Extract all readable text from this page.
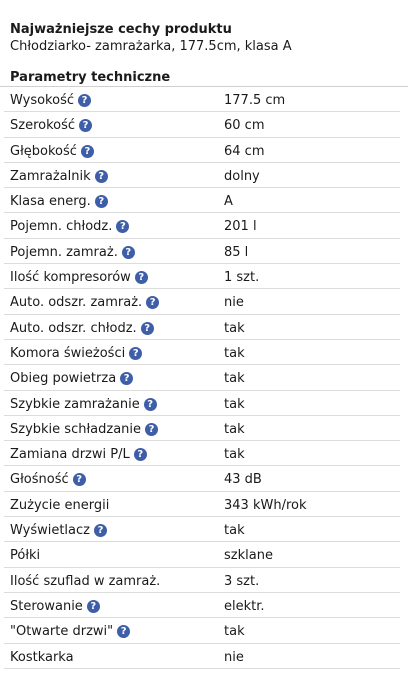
Najważniejsze cechy produktu

Chłodziarko- zamrażarka, 177.5cm, klasa A

Parametry techniczne
Wysokość ?	177.5 cm
Szerokość ?	60 cm
Głębokość ?	64 cm
Zamrażalnik ?	dolny
Klasa energ. ?	A
Pojemn. chłodz. ?	201 l
Pojemn. zamraż. ?	85 l
Ilość kompresorów ?	1 szt.
Auto. odszr. zamraż. ?	nie
Auto. odszr. chłodz. ?	tak
Komora świeżości ?	tak
Obieg powietrza ?	tak
Szybkie zamrażanie ?	tak
Szybkie schładzanie ?	tak
Zamiana drzwi P/L ?	tak
Głośność ?	43 dB
Zużycie energii	343 kWh/rok
Wyświetlacz ?	tak
Półki	szklane
Ilość szuflad w zamraż.	3 szt.
Sterowanie ?	elektr.
"Otwarte drzwi" ?	tak
Kostkarka	nie
